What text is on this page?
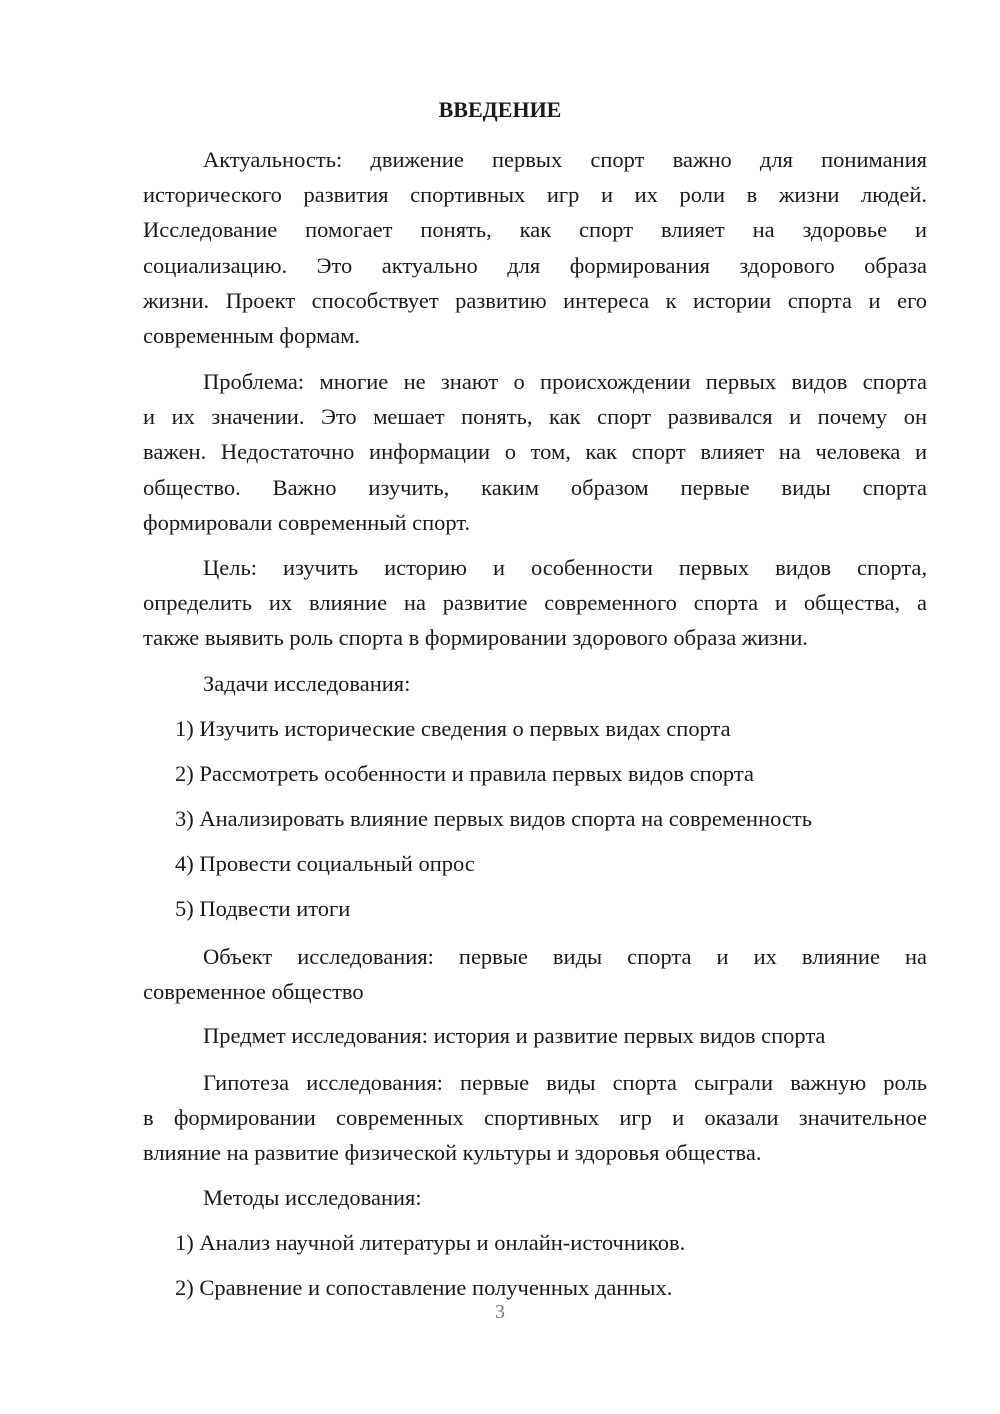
ВВЕДЕНИЕ
Актуальность: движение первых спорт важно для понимания
исторического развития спортивных игр и их роли в жизни людей.
Исследование помогает понять, как спорт влияет на здоровье и
социализацию. Это актуально для формирования здорового образа
жизни. Проект способствует развитию интереса к истории спорта и его
современным формам.
Проблема: многие не знают о происхождении первых видов спорта
и их значении. Это мешает понять, как спорт развивался и почему он
важен. Недостаточно информации о том, как спорт влияет на человека и
общество. Важно изучить, каким образом первые виды спорта
формировали современный спорт.
Цель: изучить историю и особенности первых видов спорта,
определить их влияние на развитие современного спорта и общества, а
также выявить роль спорта в формировании здорового образа жизни.
Задачи исследования:
1) Изучить исторические сведения о первых видах спорта
2) Рассмотреть особенности и правила первых видов спорта
3) Анализировать влияние первых видов спорта на современность
4) Провести социальный опрос
5) Подвести итоги
Объект исследования: первые виды спорта и их влияние на
современное общество
Предмет исследования: история и развитие первых видов спорта
Гипотеза исследования: первые виды спорта сыграли важную роль
в формировании современных спортивных игр и оказали значительное
влияние на развитие физической культуры и здоровья общества.
Методы исследования:
1) Анализ научной литературы и онлайн-источников.
2) Сравнение и сопоставление полученных данных.
3
